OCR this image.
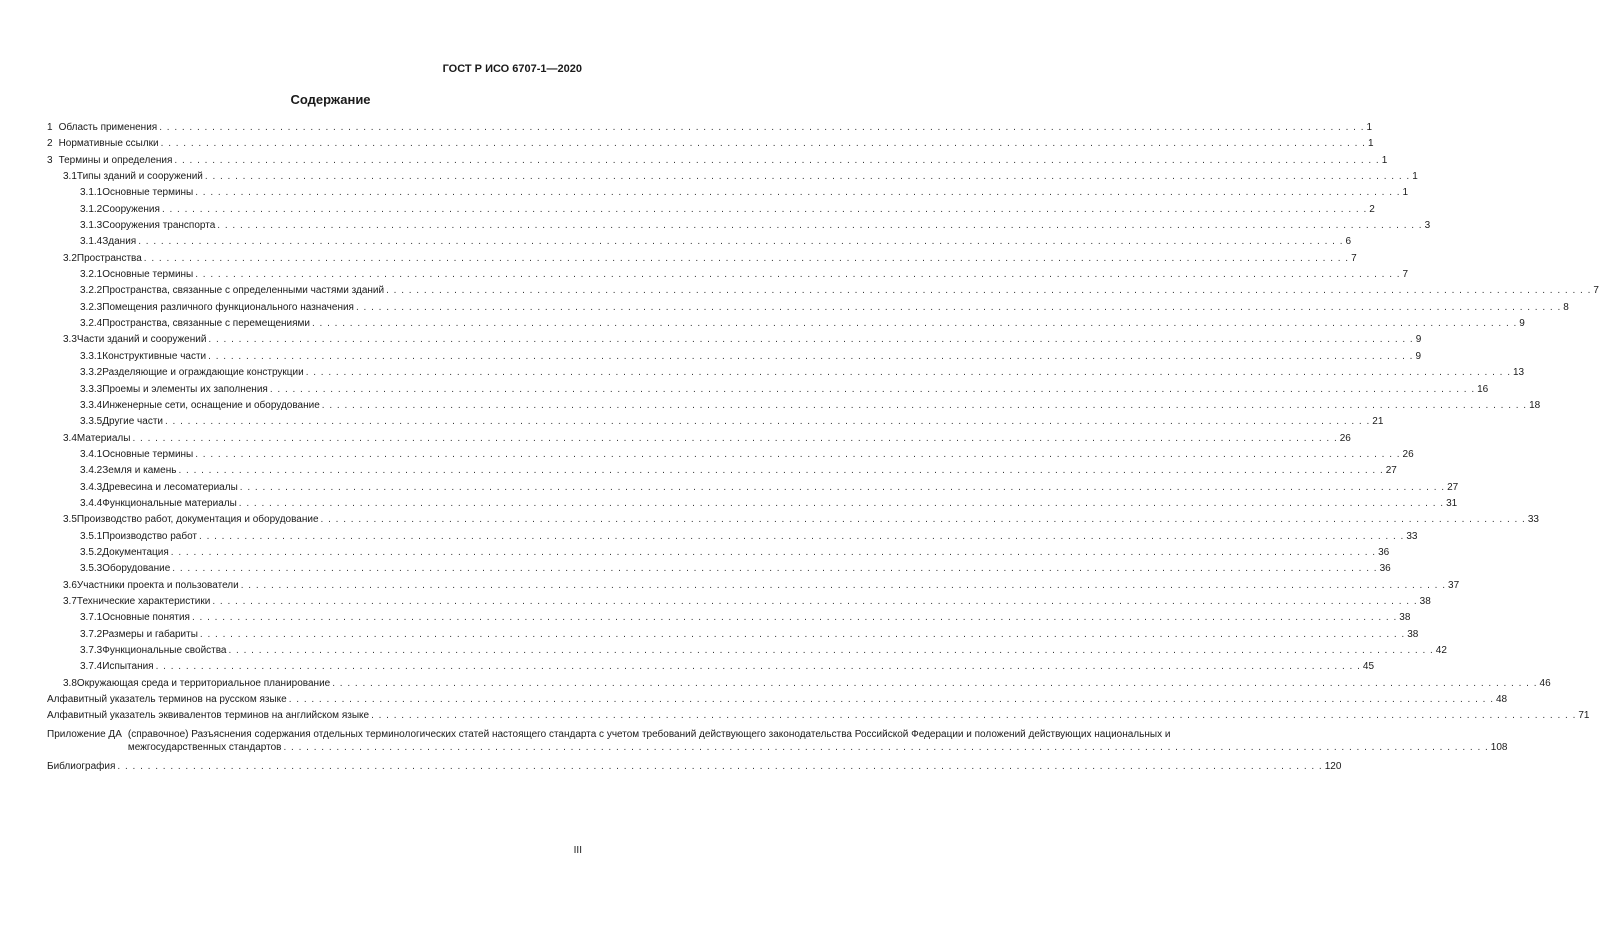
ГОСТ Р ИСО 6707-1—2020
Содержание
1 Область применения . . .	1
2 Нормативные ссылки . . .	1
3 Термины и определения . . .	1
3.1 Типы зданий и сооружений . . .	1
3.1.1 Основные термины . . .	1
3.1.2 Сооружения . . .	2
3.1.3 Сооружения транспорта . . .	3
3.1.4 Здания . . .	6
3.2 Пространства . . .	7
3.2.1 Основные термины . . .	7
3.2.2 Пространства, связанные с определенными частями зданий . . .	7
3.2.3 Помещения различного функционального назначения . . .	8
3.2.4 Пространства, связанные с перемещениями . . .	9
3.3 Части зданий и сооружений . . .	9
3.3.1 Конструктивные части . . .	9
3.3.2 Разделяющие и ограждающие конструкции . . .	13
3.3.3 Проемы и элементы их заполнения . . .	16
3.3.4 Инженерные сети, оснащение и оборудование . . .	18
3.3.5 Другие части . . .	21
3.4 Материалы . . .	26
3.4.1 Основные термины . . .	26
3.4.2 Земля и камень . . .	27
3.4.3 Древесина и лесоматериалы . . .	27
3.4.4 Функциональные материалы . . .	31
3.5 Производство работ, документация и оборудование . . .	33
3.5.1 Производство работ . . .	33
3.5.2 Документация . . .	36
3.5.3 Оборудование . . .	36
3.6 Участники проекта и пользователи . . .	37
3.7 Технические характеристики . . .	38
3.7.1 Основные понятия . . .	38
3.7.2 Размеры и габариты . . .	38
3.7.3 Функциональные свойства . . .	42
3.7.4 Испытания . . .	45
3.8 Окружающая среда и территориальное планирование . . .	46
Алфавитный указатель терминов на русском языке . . .	48
Алфавитный указатель эквивалентов терминов на английском языке . . .	71
Приложение ДА (справочное) Разъяснения содержания отдельных терминологических статей настоящего стандарта с учетом требований действующего законодательства Российской Федерации и положений действующих национальных и
межгосударственных стандартов . . .	108
Библиография . . .	120
III
